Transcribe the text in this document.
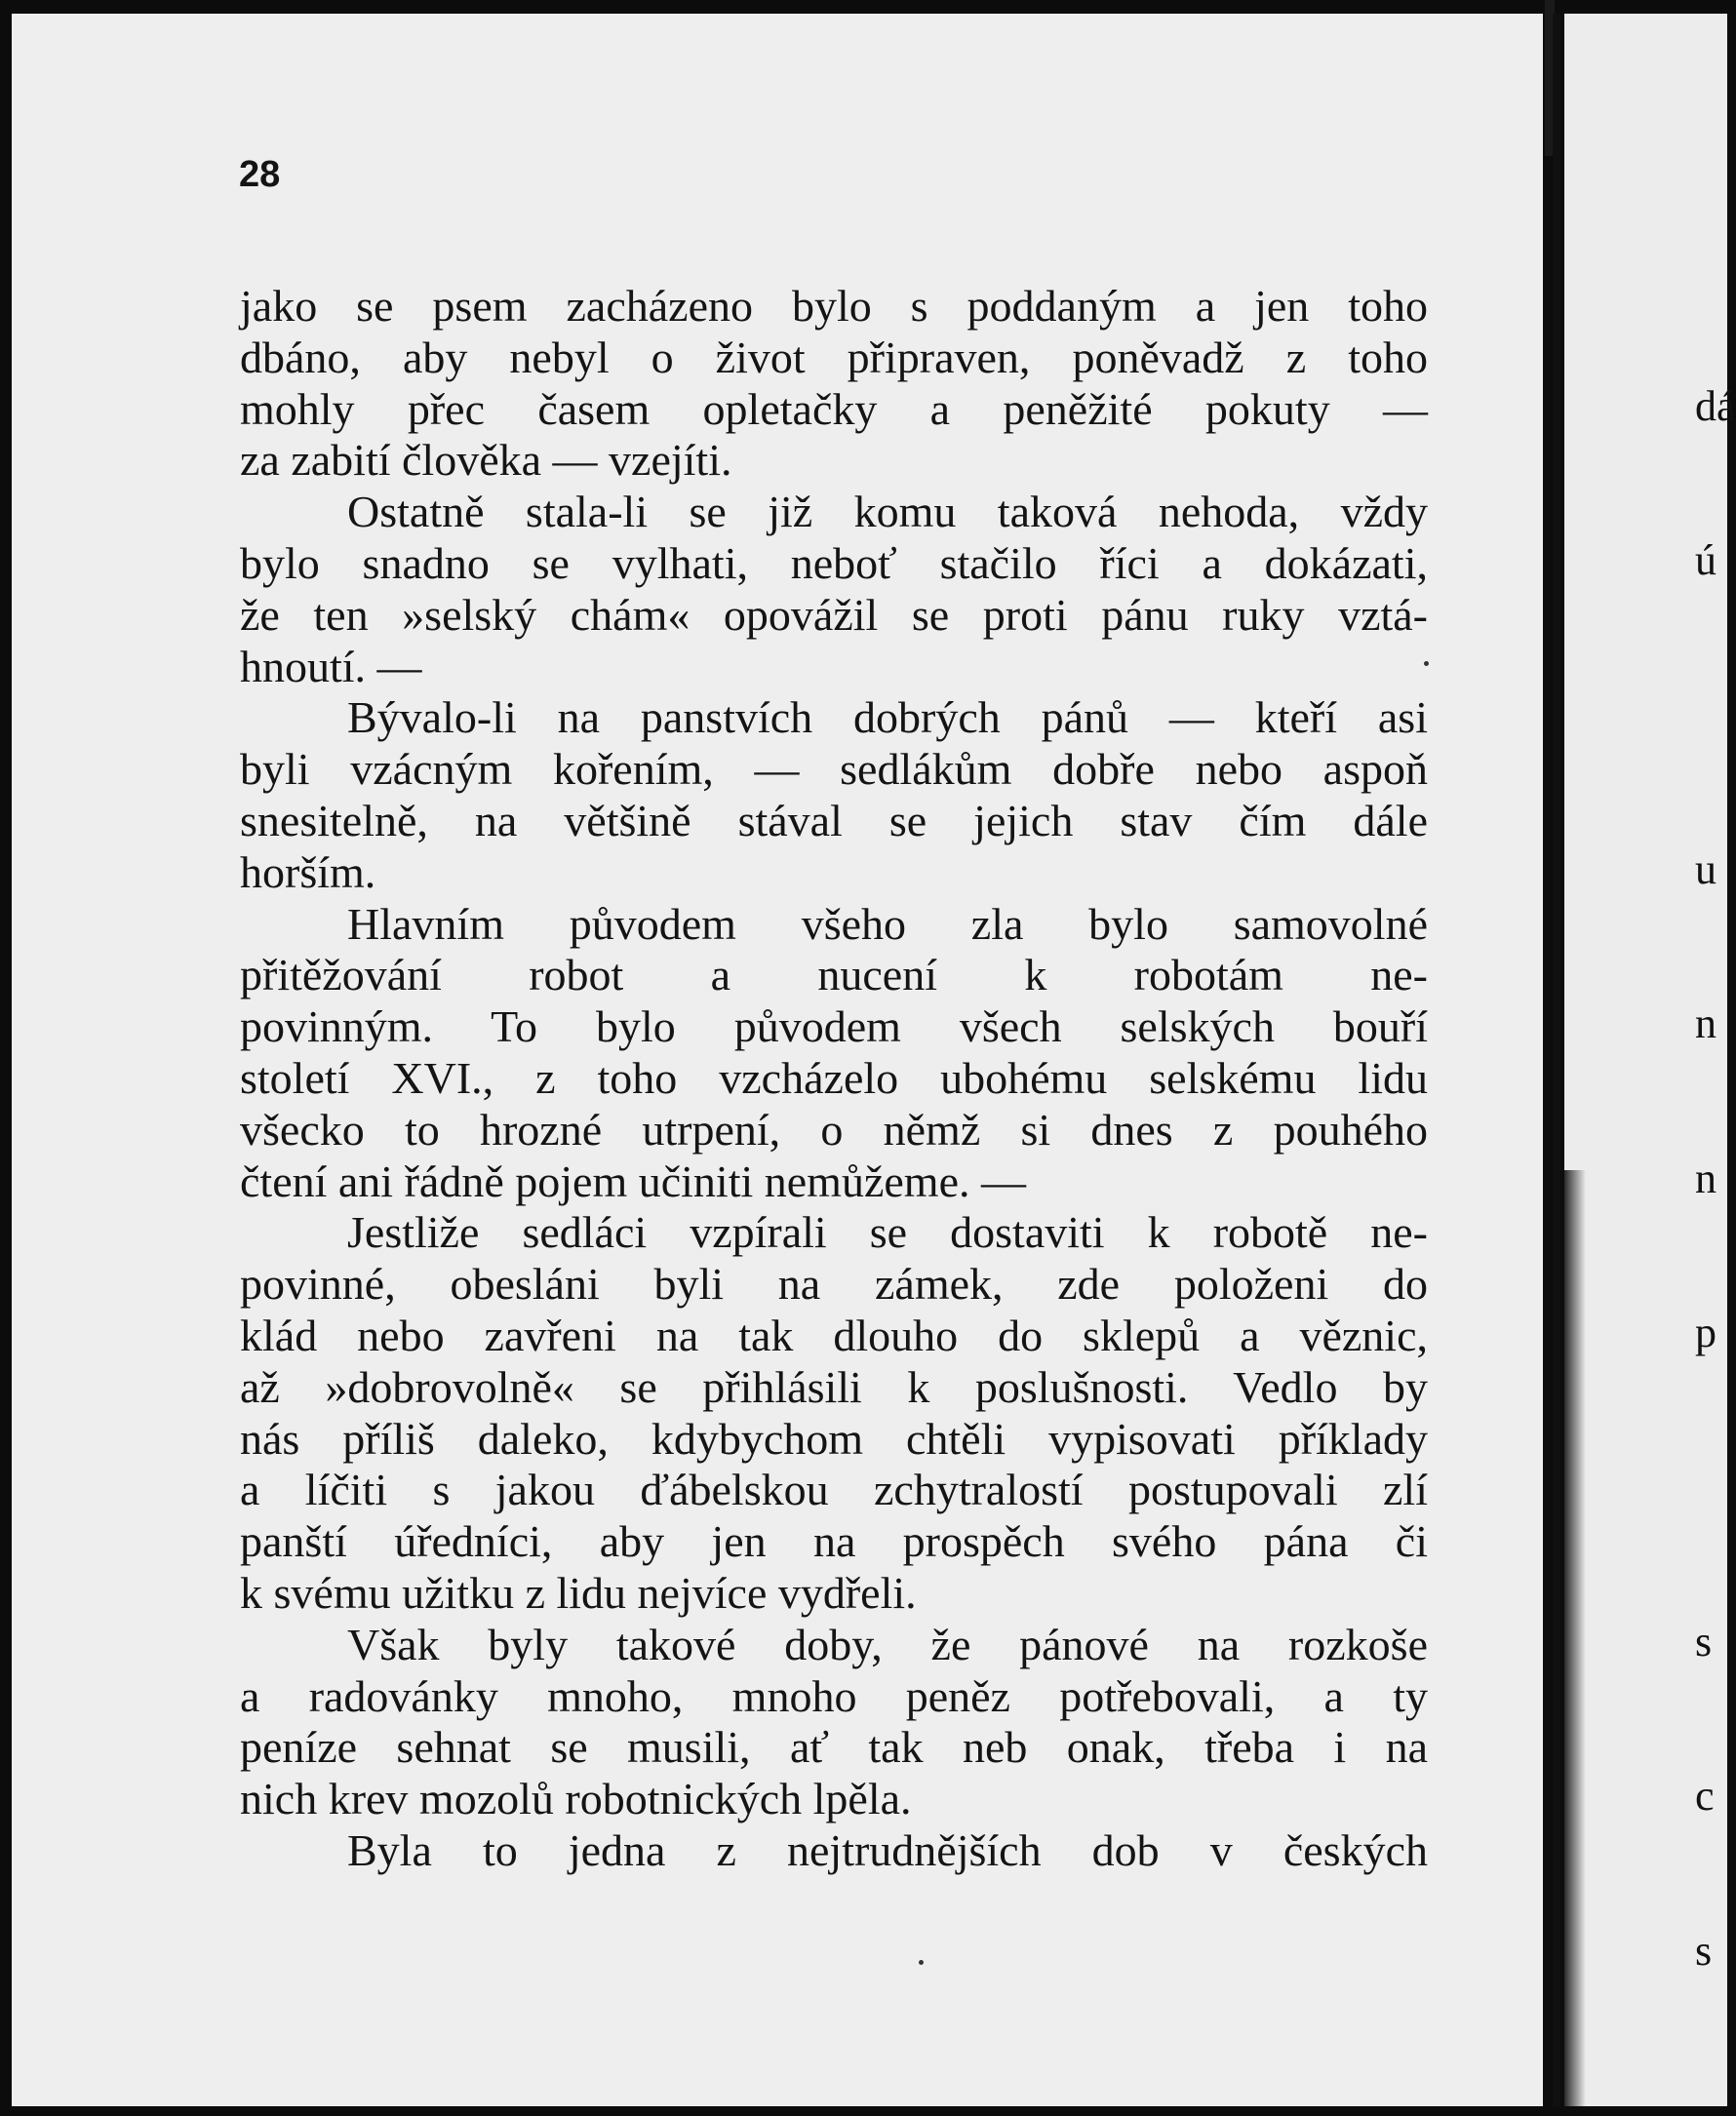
dá

ú

u

n

n

p

s

c

s

28
jako se psem zacházeno bylo s poddaným a jen toho
dbáno, aby nebyl o život připraven, poněvadž z toho
mohly přec časem opletačky a peněžité pokuty —
za zabití člověka — vzejíti.
Ostatně stala-li se již komu taková nehoda, vždy
bylo snadno se vylhati, neboť stačilo říci a dokázati,
že ten »selský chám« opovážil se proti pánu ruky vztá-
hnoutí. —
Bývalo-li na panstvích dobrých pánů — kteří asi
byli vzácným kořením, — sedlákům dobře nebo aspoň
snesitelně, na většině stával se jejich stav čím dále
horším.
Hlavním původem všeho zla bylo samovolné
přitěžování robot a nucení k robotám ne-
povinným. To bylo původem všech selských bouří
století XVI., z toho vzcházelo ubohému selskému lidu
všecko to hrozné utrpení, o němž si dnes z pouhého
čtení ani řádně pojem učiniti nemůžeme. —
Jestliže sedláci vzpírali se dostaviti k robotě ne-
povinné, obesláni byli na zámek, zde položeni do
klád nebo zavřeni na tak dlouho do sklepů a věznic,
až »dobrovolně« se přihlásili k poslušnosti. Vedlo by
nás příliš daleko, kdybychom chtěli vypisovati příklady
a líčiti s jakou ďábelskou zchytralostí postupovali zlí
panští úředníci, aby jen na prospěch svého pána či
k svému užitku z lidu nejvíce vydřeli.
Však byly takové doby, že pánové na rozkoše
a radovánky mnoho, mnoho peněz potřebovali, a ty
peníze sehnat se musili, ať tak neb onak, třeba i na
nich krev mozolů robotnických lpěla.
Byla to jedna z nejtrudnějších dob v českých
